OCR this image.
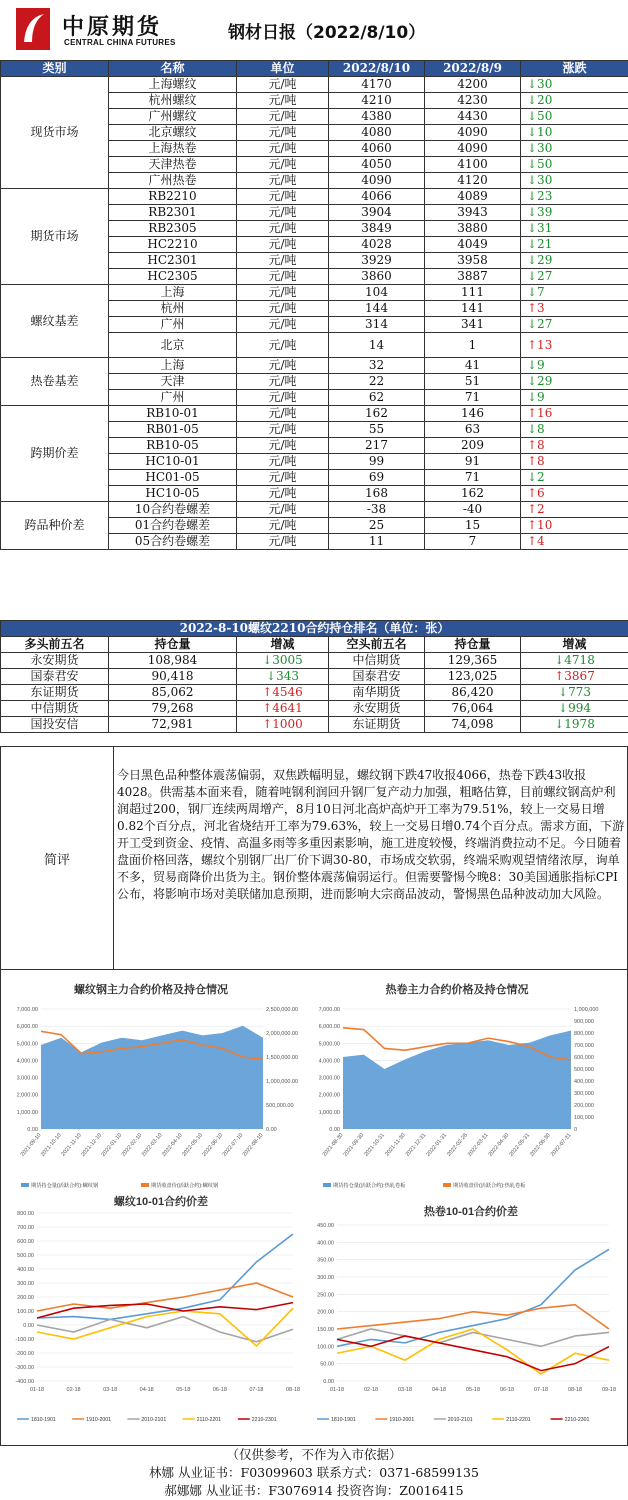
中原期货
CENTRAL CHINA FUTURES	钢材日报（2022/8/10）
类别	名称	单位	2022/8/10	2022/8/9	涨跌
现货市场	上海螺纹	元/吨	4170	4200	↓30
	杭州螺纹	元/吨	4210	4230	↓20
	广州螺纹	元/吨	4380	4430	↓50
	北京螺纹	元/吨	4080	4090	↓10
	上海热卷	元/吨	4060	4090	↓30
	天津热卷	元/吨	4050	4100	↓50
	广州热卷	元/吨	4090	4120	↓30
期货市场	RB2210	元/吨	4066	4089	↓23
	RB2301	元/吨	3904	3943	↓39
	RB2305	元/吨	3849	3880	↓31
	HC2210	元/吨	4028	4049	↓21
	HC2301	元/吨	3929	3958	↓29
	HC2305	元/吨	3860	3887	↓27
螺纹基差	上海	元/吨	104	111	↓7
	杭州	元/吨	144	141	↑3
	广州	元/吨	314	341	↓27
	北京	元/吨	14	1	↑13
热卷基差	上海	元/吨	32	41	↓9
	天津	元/吨	22	51	↓29
	广州	元/吨	62	71	↓9
跨期价差	RB10-01	元/吨	162	146	↑16
	RB01-05	元/吨	55	63	↓8
	RB10-05	元/吨	217	209	↑8
	HC10-01	元/吨	99	91	↑8
	HC01-05	元/吨	69	71	↓2
	HC10-05	元/吨	168	162	↑6
跨品种价差	10合约卷螺差	元/吨	-38	-40	↑2
	01合约卷螺差	元/吨	25	15	↑10
	05合约卷螺差	元/吨	11	7	↑4
2022-8-10螺纹2210合约持仓排名（单位：张）					
多头前五名	持仓量	增减	空头前五名	持仓量	增减
永安期货	108,984	↓3005	中信期货	129,365	↓4718
国泰君安	90,418	↓343	国泰君安	123,025	↑3867
东证期货	85,062	↑4546	南华期货	86,420	↓773
中信期货	79,268	↑4641	永安期货	76,064	↓994
国投安信	72,981	↑1000	东证期货	74,098	↓1978
简评
今日黑色品种整体震荡偏弱，双焦跌幅明显，螺纹钢下跌47收报4066，热卷下跌43收报4028。供需基本面来看，随着吨钢利润回升钢厂复产动力加强，粗略估算，目前螺纹钢高炉利润超过200，钢厂连续两周增产，8月10日河北高炉高炉开工率为79.51%，较上一交易日增0.82个百分点，河北省烧结开工率为79.63%，较上一交易日增0.74个百分点。需求方面，下游开工受到资金、疫情、高温多雨等多重因素影响，施工进度较慢，终端消费拉动不足。今日随着盘面价格回落，螺纹个别钢厂出厂价下调30-80，市场成交软弱，终端采购观望情绪浓厚，询单不多，贸易商降价出货为主。钢价整体震荡偏弱运行。但需要警惕今晚8：30美国通胀指标CPI公布，将影响市场对美联储加息预期，进而影响大宗商品波动，警惕黑色品种波动加大风险。
螺纹钢主力合约价格及持仓情况
0.00
1,000.00
2,000.00
3,000.00
4,000.00
5,000.00
6,000.00
7,000.00
0.00
500,000.00
1,000,000.00
1,500,000.00
2,000,000.00
2,500,000.00
2021-09-10
2021-10-10
2021-11-10
2021-12-10
2022-01-10
2022-02-10
2022-03-10
2022-04-10
2022-05-10
2022-06-10
2022-07-10
2022-08-10
期货持仓量(活跃合约):螺纹钢	期货收盘价(活跃合约):螺纹钢
热卷主力合约价格及持仓情况
0.00
1,000.00
2,000.00
3,000.00
4,000.00
5,000.00
6,000.00
7,000.00
0
100,000
200,000
300,000
400,000
500,000
600,000
700,000
800,000
900,000
1,000,000
2021-08-30
2021-09-30
2021-10-31
2021-11-30
2021-12-31
2022-01-31
2022-02-28
2022-03-31
2022-04-30
2022-05-31
2022-06-30
2022-07-31
期货持仓量(活跃合约):热轧卷板	期货收盘价(活跃合约):热轧卷板
螺纹10-01合约价差
-400.00
-300.00
-200.00
-100.00
0.00
100.00
200.00
300.00
400.00
500.00
600.00
700.00
800.00
01-18	02-18	03-18	04-18	05-18	06-18	07-18	08-18
1810-1901	1910-2001	2010-2101	2110-2201	2210-2301
热卷10-01合约价差
0.00
50.00
100.00
150.00
200.00
250.00
300.00
350.00
400.00
450.00
01-18	02-18	03-18	04-18	05-18	06-18	07-18	08-18	09-18
1810-1901	1910-2001	2010-2101	2110-2201	2210-2301
（仅供参考，不作为入市依据）
林娜 从业证书：F03099603 联系方式：0371-68599135
郝娜娜 从业证书：F3076914 投资咨询：Z0016415
